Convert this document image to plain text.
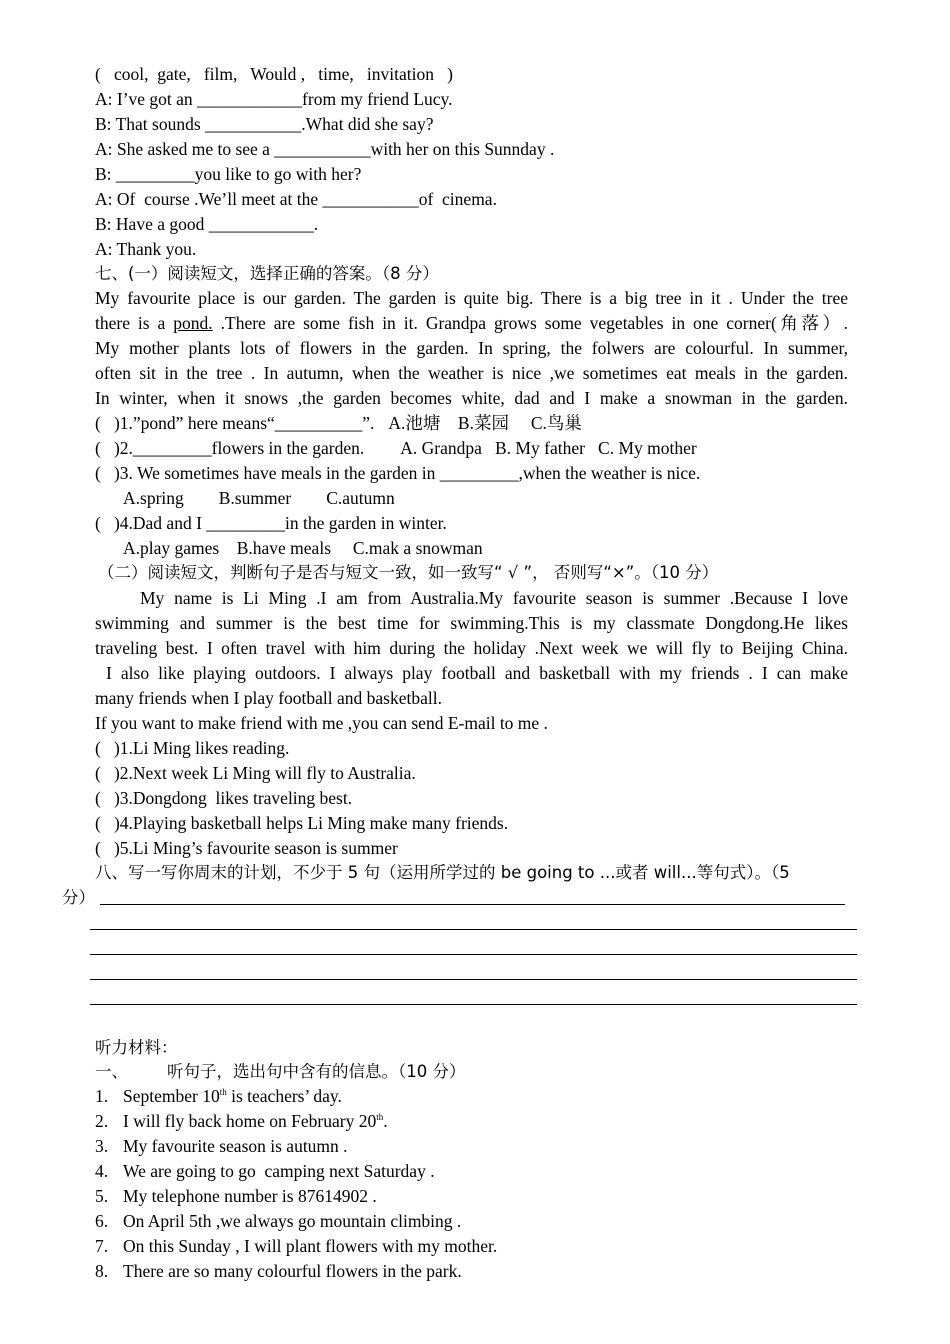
(   cool,  gate,   film,   Would ,   time,   invitation   )
A: I’ve got an ____________from my friend Lucy.
B: That sounds ___________.What did she say?
A: She asked me to see a ___________with her on this Sunnday .
B: _________you like to go with her?
A: Of  course .We’ll meet at the ___________of  cinema.
B: Have a good ____________.
A: Thank you.
七、(一）阅读短文，选择正确的答案。（8 分）
My favourite place is our garden. The garden is quite big. There is a big tree in it . Under the tree
there is a pond. .There are some fish in it. Grandpa grows some vegetables in one corner(角落）.
My mother plants lots of flowers in the garden. In spring, the folwers are colourful. In summer,
often sit in the tree . In autumn, when the weather is nice ,we sometimes eat meals in the garden.
In winter, when it snows ,the garden becomes white, dad and I make a snowman in the garden.
(   )1.”pond” here means“__________”. A.池塘    B.菜园     C.鸟巢
(   )2._________flowers in the garden. A. Grandpa   B. My father   C. My mother
(   )3. We sometimes have meals in the garden in _________,when the weather is nice.
A.spring        B.summer        C.autumn
(   )4.Dad and I _________in the garden in winter.
A.play games    B.have meals     C.mak a snowman
（二）阅读短文，判断句子是否与短文一致，如一致写“ √ ”， 否则写“×”。（10 分）
My name is Li Ming .I am from Australia.My favourite season is summer .Because I love
swimming and summer is the best time for swimming.This is my classmate Dongdong.He likes
traveling best. I often travel with him during the holiday .Next week we will fly to Beijing China.
I also like playing outdoors. I always play football and basketball with my friends . I can make
many friends when I play football and basketball.
If you want to make friend with me ,you can send E-mail to me .
(   )1.Li Ming likes reading.
(   )2.Next week Li Ming will fly to Australia.
(   )3.Dongdong  likes traveling best.
(   )4.Playing basketball helps Li Ming make many friends.
(   )5.Li Ming’s favourite season is summer
八、写一写你周末的计划，不少于 5 句（运用所学过的 be going to ...或者 will...等句式）。（5
分）
听力材料：
一、 听句子，选出句中含有的信息。（10 分）
1. September 10th is teachers’ day.
2. I will fly back home on February 20th.
3. My favourite season is autumn .
4. We are going to go  camping next Saturday .
5. My telephone number is 87614902 .
6. On April 5th ,we always go mountain climbing .
7. On this Sunday , I will plant flowers with my mother.
8. There are so many colourful flowers in the park.
